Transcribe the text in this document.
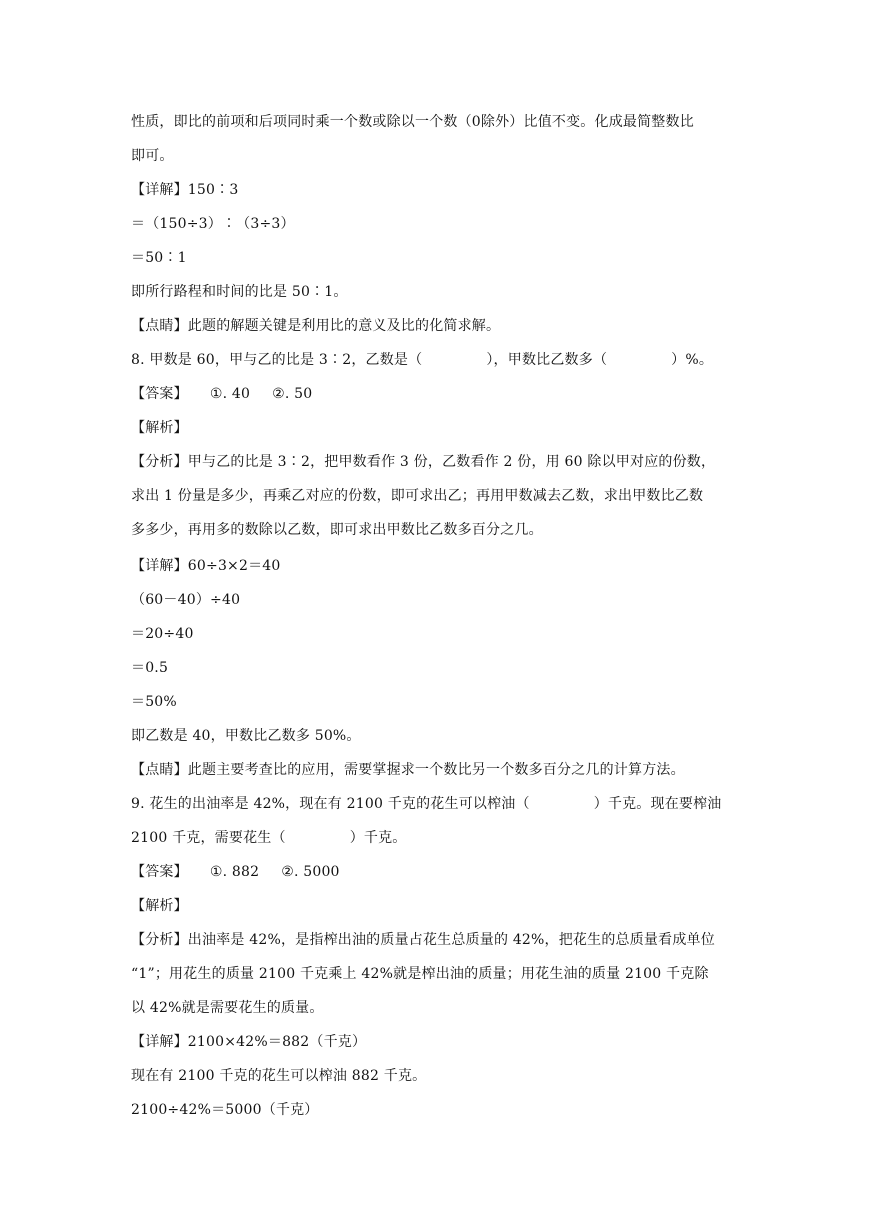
性质，即比的前项和后项同时乘一个数或除以一个数（0除外）比值不变。化成最简整数比
即可。
【详解】150∶3
＝（150÷3）∶（3÷3）
＝50∶1
即所行路程和时间的比是 50∶1。
【点睛】此题的解题关键是利用比的意义及比的化简求解。
8. 甲数是 60，甲与乙的比是 3∶2，乙数是（	），甲数比乙数多（	）%。
【答案】 ①. 40 ②. 50
【解析】
【分析】甲与乙的比是 3∶2，把甲数看作 3 份，乙数看作 2 份，用 60 除以甲对应的份数，
求出 1 份量是多少，再乘乙对应的份数，即可求出乙；再用甲数减去乙数，求出甲数比乙数
多多少，再用多的数除以乙数，即可求出甲数比乙数多百分之几。
【详解】60÷3×2＝40
（60－40）÷40
＝20÷40
＝0.5
＝50%
即乙数是 40，甲数比乙数多 50%。
【点睛】此题主要考查比的应用，需要掌握求一个数比另一个数多百分之几的计算方法。
9. 花生的出油率是 42%，现在有 2100 千克的花生可以榨油（	）千克。现在要榨油
2100 千克，需要花生（	）千克。
【答案】 ①. 882 ②. 5000
【解析】
【分析】出油率是 42%，是指榨出油的质量占花生总质量的 42%，把花生的总质量看成单位
“1”；用花生的质量 2100 千克乘上 42%就是榨出油的质量；用花生油的质量 2100 千克除
以 42%就是需要花生的质量。
【详解】2100×42%＝882（千克）
现在有 2100 千克的花生可以榨油 882 千克。
2100÷42%＝5000（千克）
